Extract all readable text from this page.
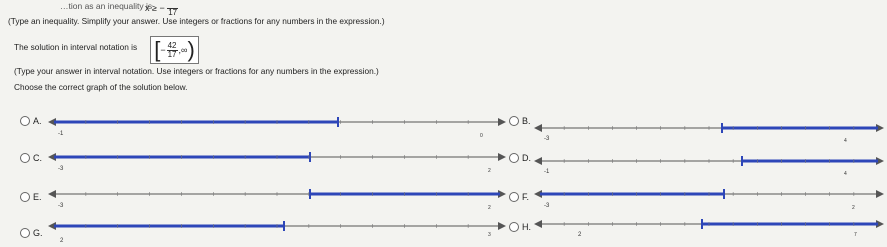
…tion as an inequality is
x ≥ −
17
(Type an inequality. Simplify your answer. Use integers or fractions for any numbers in the expression.)
The solution in interval notation is [ − $\frac{42}{17}$ ,∞ )
(Type your answer in interval notation. Use integers or fractions for any numbers in the expression.)
Choose the correct graph of the solution below.
A.
-1	0
B.
-3	4
C.
-3	2
D.
-1	4
E.
-3	2
F.
-3	2
G.
2
3
H.
2	7
